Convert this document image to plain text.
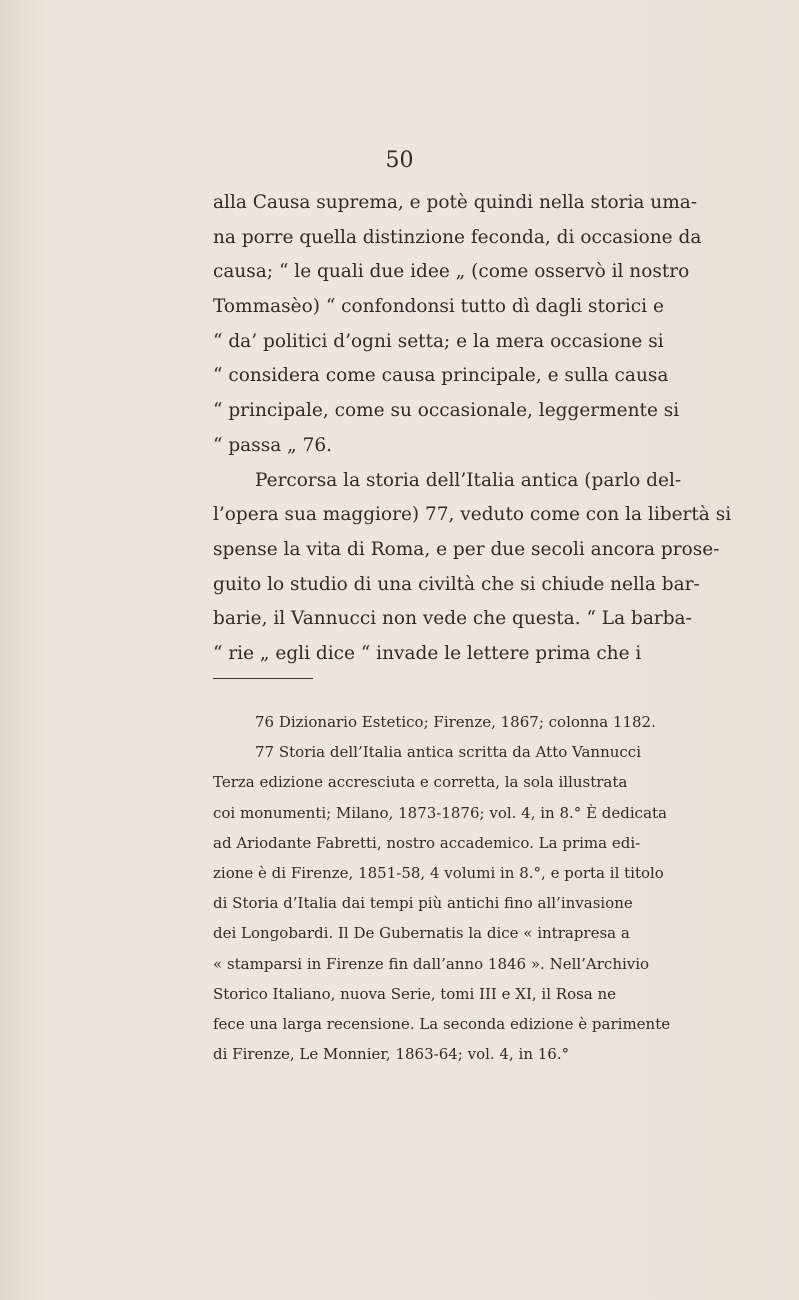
50
alla Causa suprema, e potè quindi nella storia uma-
na porre quella distinzione feconda, di occasione da
causa; “ le quali due idee „ (come osservò il nostro
Tommasèo) “ confondonsi tutto dì dagli storici e
“ da’ politici d’ogni setta; e la mera occasione si
“ considera come causa principale, e sulla causa
“ principale, come su occasionale, leggermente si
“ passa „ 76.
Percorsa la storia dell’Italia antica (parlo del-
l’opera sua maggiore) 77, veduto come con la libertà si
spense la vita di Roma, e per due secoli ancora prose-
guito lo studio di una civiltà che si chiude nella bar-
barie, il Vannucci non vede che questa. “ La barba-
“ rie „ egli dice “ invade le lettere prima che i
76 Dizionario Estetico; Firenze, 1867; colonna 1182.
77 Storia dell’Italia antica scritta da Atto Vannucci
Terza edizione accresciuta e corretta, la sola illustrata
coi monumenti; Milano, 1873-1876; vol. 4, in 8.° È dedicata
ad Ariodante Fabretti, nostro accademico. La prima edi-
zione è di Firenze, 1851-58, 4 volumi in 8.°, e porta il titolo
di Storia d’Italia dai tempi più antichi fino all’invasione
dei Longobardi. Il De Gubernatis la dice « intrapresa a
« stamparsi in Firenze fin dall’anno 1846 ». Nell’Archivio
Storico Italiano, nuova Serie, tomi III e XI, il Rosa ne
fece una larga recensione. La seconda edizione è parimente
di Firenze, Le Monnier, 1863-64; vol. 4, in 16.°
